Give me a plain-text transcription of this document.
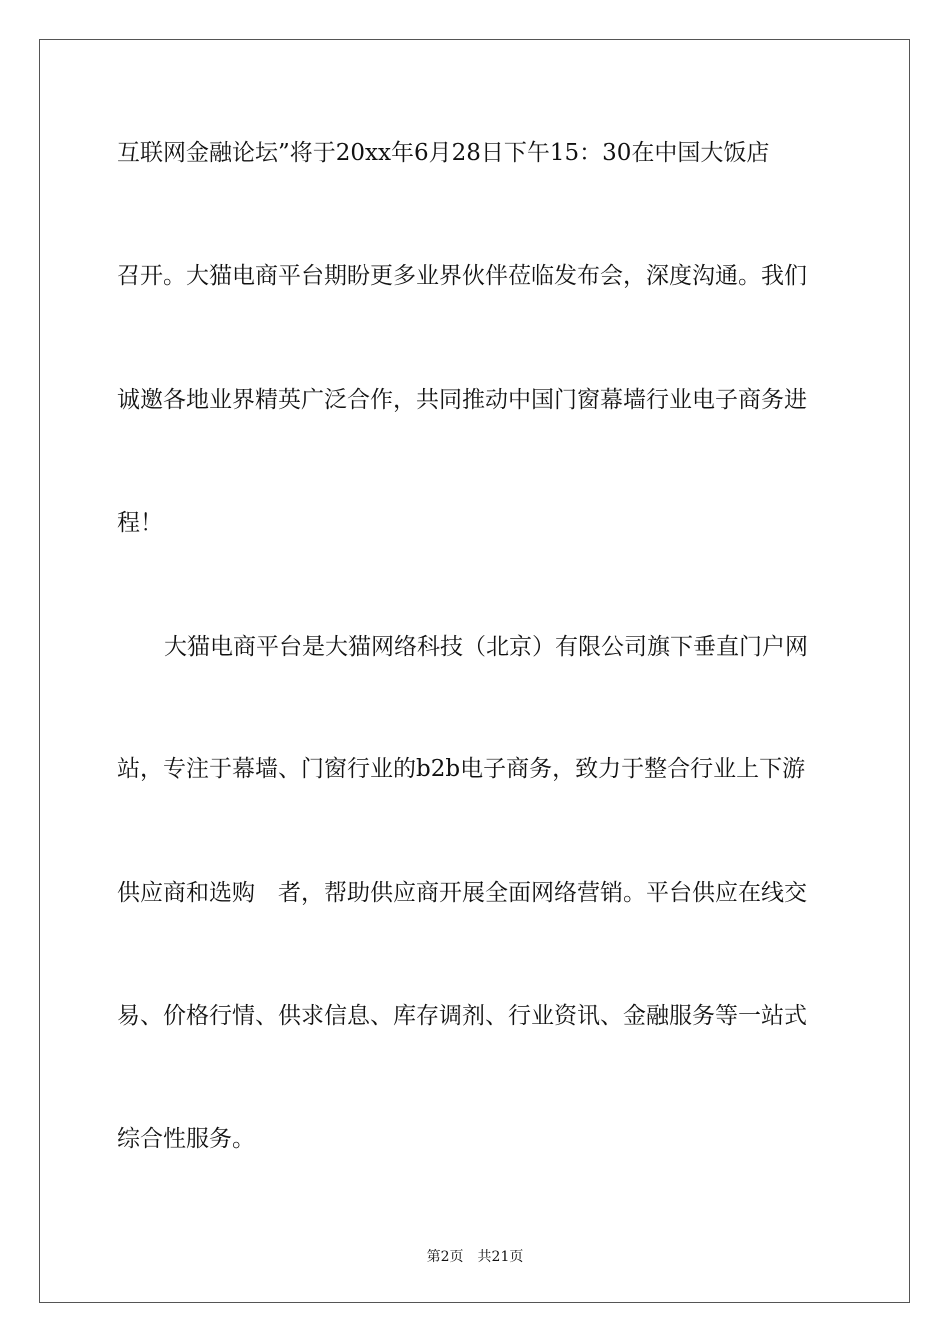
互联网金融论坛”将于20xx年6月28日下午15：30在中国大饭店
召开。大猫电商平台期盼更多业界伙伴莅临发布会，深度沟通。我们
诚邀各地业界精英广泛合作，共同推动中国门窗幕墙行业电子商务进
程！
大猫电商平台是大猫网络科技（北京）有限公司旗下垂直门户网
站，专注于幕墙、门窗行业的b2b电子商务，致力于整合行业上下游
供应商和选购　者，帮助供应商开展全面网络营销。平台供应在线交
易、价格行情、供求信息、库存调剂、行业资讯、金融服务等一站式
综合性服务。
第2页 共21页
